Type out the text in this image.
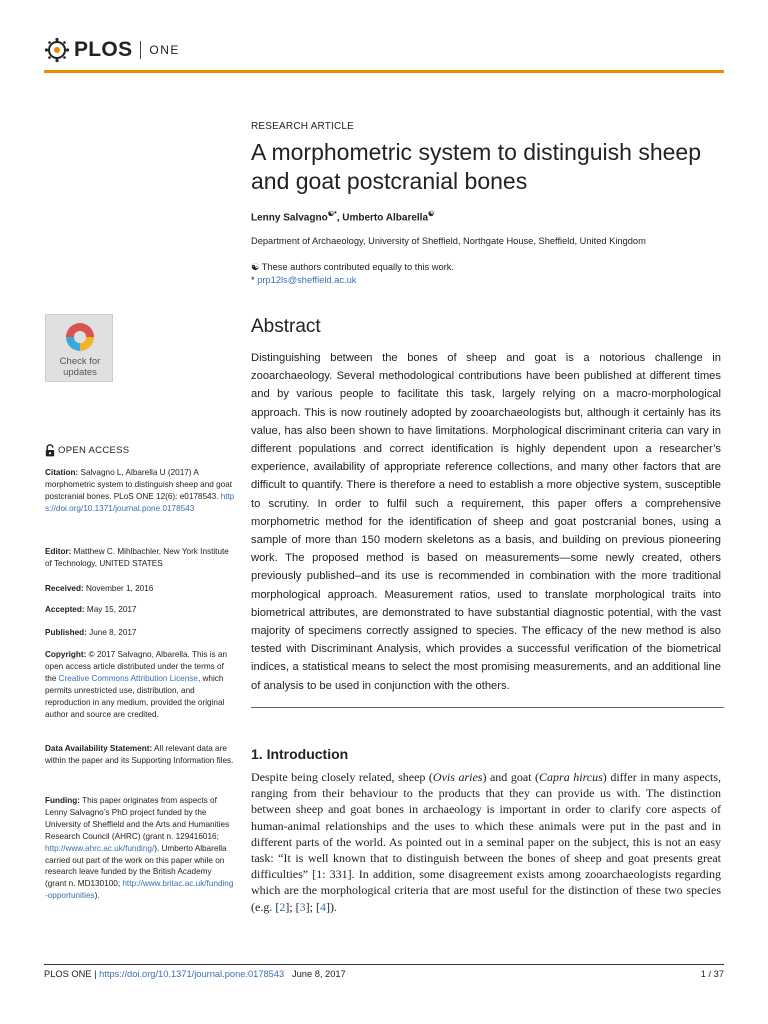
PLOS ONE
RESEARCH ARTICLE
A morphometric system to distinguish sheep and goat postcranial bones
Lenny Salvagno☯*, Umberto Albarella☯
Department of Archaeology, University of Sheffield, Northgate House, Sheffield, United Kingdom
☯ These authors contributed equally to this work.
* prp12ls@sheffield.ac.uk
Abstract

Distinguishing between the bones of sheep and goat is a notorious challenge in zooarchaeology. Several methodological contributions have been published at different times and by various people to facilitate this task, largely relying on a macro-morphological approach. This is now routinely adopted by zooarchaeologists but, although it certainly has its value, has also been shown to have limitations. Morphological discriminant criteria can vary in different populations and correct identification is highly dependent upon a researcher’s experience, availability of appropriate reference collections, and many other factors that are difficult to quantify. There is therefore a need to establish a more objective system, susceptible to scrutiny. In order to fulfil such a requirement, this paper offers a comprehensive morphometric method for the identification of sheep and goat postcranial bones, using a sample of more than 150 modern skeletons as a basis, and building on previous pioneering work. The proposed method is based on measurements—some newly created, others previously published–and its use is recommended in combination with the more traditional morphological approach. Measurement ratios, used to translate morphological traits into biometrical attributes, are demonstrated to have substantial diagnostic potential, with the vast majority of specimens correctly assigned to species. The efficacy of the new method is also tested with Discriminant Analysis, which provides a successful verification of the biometrical indices, a statistical means to select the most promising measurements, and an additional line of analysis to be used in conjunction with the others.

1. Introduction

Despite being closely related, sheep (Ovis aries) and goat (Capra hircus) differ in many aspects, ranging from their behaviour to the products that they can provide us with. The distinction between sheep and goat bones in archaeology is important in order to clarify core aspects of human-animal relationships and the uses to which these animals were put in the past and in different parts of the world. As pointed out in a seminal paper on the subject, this is not an easy task: “It is well known that to distinguish between the bones of sheep and goat presents great difficulties” [1: 331]. In addition, some disagreement exists among zooarchaeologists regarding which are the morphological criteria that are most useful for the distinction of these two species (e.g. [2]; [3]; [4]).

Check for
updates
OPEN ACCESS

Citation: Salvagno L, Albarella U (2017) A morphometric system to distinguish sheep and goat postcranial bones. PLoS ONE 12(6): e0178543. https://doi.org/10.1371/journal.pone.0178543

Editor: Matthew C. Mihlbachler, New York Institute of Technology, UNITED STATES

Received: November 1, 2016

Accepted: May 15, 2017

Published: June 8, 2017

Copyright: © 2017 Salvagno, Albarella. This is an open access article distributed under the terms of the Creative Commons Attribution License, which permits unrestricted use, distribution, and reproduction in any medium, provided the original author and source are credited.

Data Availability Statement: All relevant data are within the paper and its Supporting Information files.

Funding: This paper originates from aspects of Lenny Salvagno’s PhD project funded by the University of Sheffield and the Arts and Humanities Research Council (AHRC) (grant n. 129416016; http://www.ahrc.ac.uk/funding/). Umberto Albarella carried out part of the work on this paper while on research leave funded by the British Academy (grant n. MD130100; http://www.britac.ac.uk/funding-opportunities).

PLOS ONE | https://doi.org/10.1371/journal.pone.0178543 June 8, 2017	1 / 37
